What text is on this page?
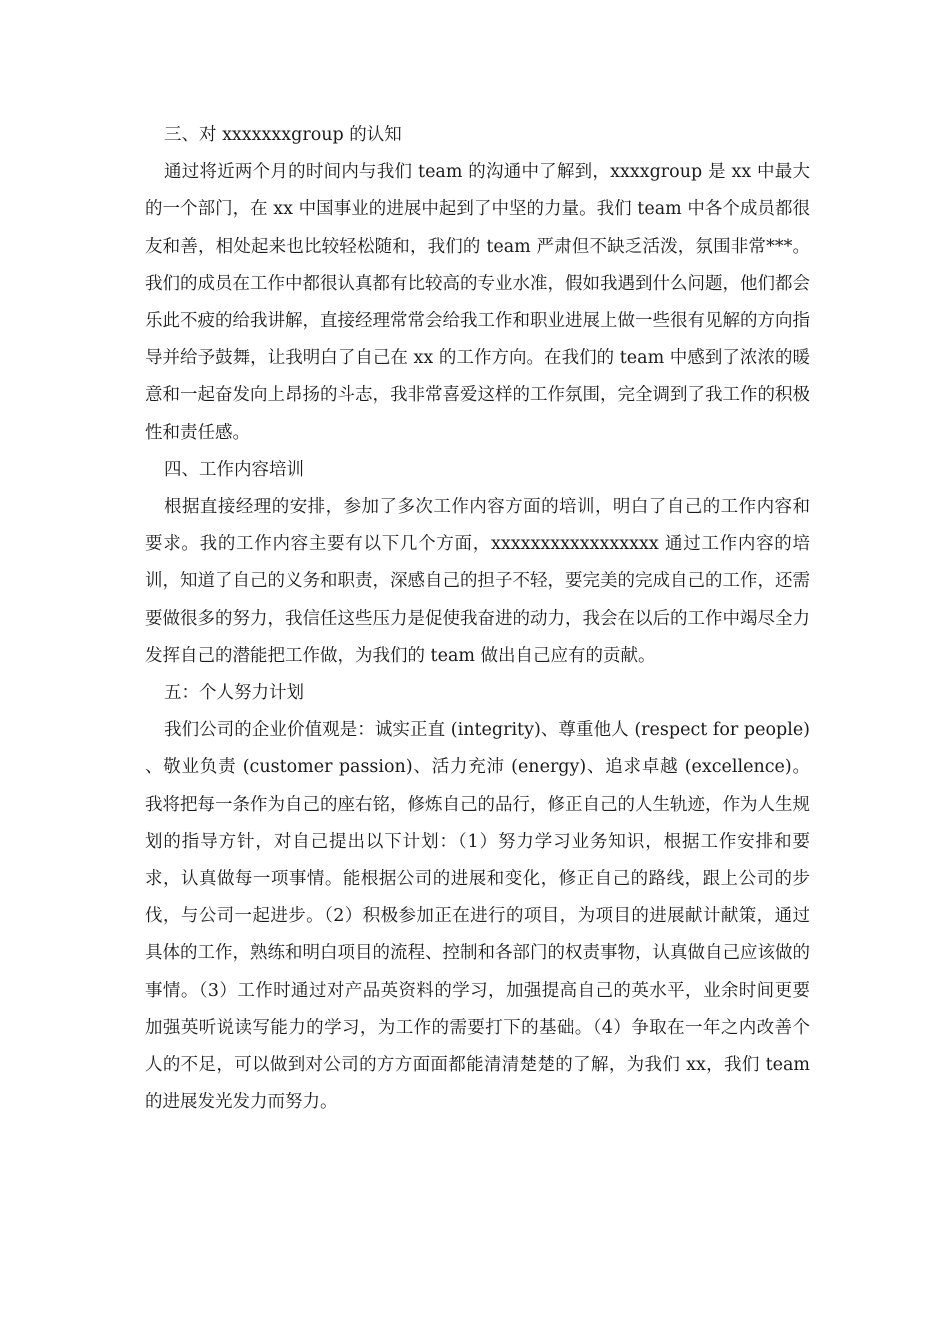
三、对 xxxxxxxgroup 的认知

通过将近两个月的时间内与我们 team 的沟通中了解到，xxxxgroup 是 xx 中最大的一个部门，在 xx 中国事业的进展中起到了中坚的力量。我们 team 中各个成员都很友和善，相处起来也比较轻松随和，我们的 team 严肃但不缺乏活泼，氛围非常***。我们的成员在工作中都很认真都有比较高的专业水准，假如我遇到什么问题，他们都会乐此不疲的给我讲解，直接经理常常会给我工作和职业进展上做一些很有见解的方向指导并给予鼓舞，让我明白了自己在 xx 的工作方向。在我们的 team 中感到了浓浓的暖意和一起奋发向上昂扬的斗志，我非常喜爱这样的工作氛围，完全调到了我工作的积极性和责任感。

四、工作内容培训

根据直接经理的安排，参加了多次工作内容方面的培训，明白了自己的工作内容和要求。我的工作内容主要有以下几个方面，xxxxxxxxxxxxxxxxx 通过工作内容的培训，知道了自己的义务和职责，深感自己的担子不轻，要完美的完成自己的工作，还需要做很多的努力，我信任这些压力是促使我奋进的动力，我会在以后的工作中竭尽全力发挥自己的潜能把工作做，为我们的 team 做出自己应有的贡献。

五：个人努力计划

我们公司的企业价值观是：诚实正直 (integrity)、尊重他人 (respect for people) 、敬业负责 (customer passion)、活力充沛 (energy)、追求卓越 (excellence)。我将把每一条作为自己的座右铭，修炼自己的品行，修正自己的人生轨迹，作为人生规划的指导方针，对自己提出以下计划：（1）努力学习业务知识，根据工作安排和要求，认真做每一项事情。能根据公司的进展和变化，修正自己的路线，跟上公司的步伐，与公司一起进步。（2）积极参加正在进行的项目，为项目的进展献计献策，通过具体的工作，熟练和明白项目的流程、控制和各部门的权责事物，认真做自己应该做的事情。（3）工作时通过对产品英资料的学习，加强提高自己的英水平，业余时间更要加强英听说读写能力的学习，为工作的需要打下的基础。（4）争取在一年之内改善个人的不足，可以做到对公司的方方面面都能清清楚楚的了解，为我们 xx，我们 team 的进展发光发力而努力。
